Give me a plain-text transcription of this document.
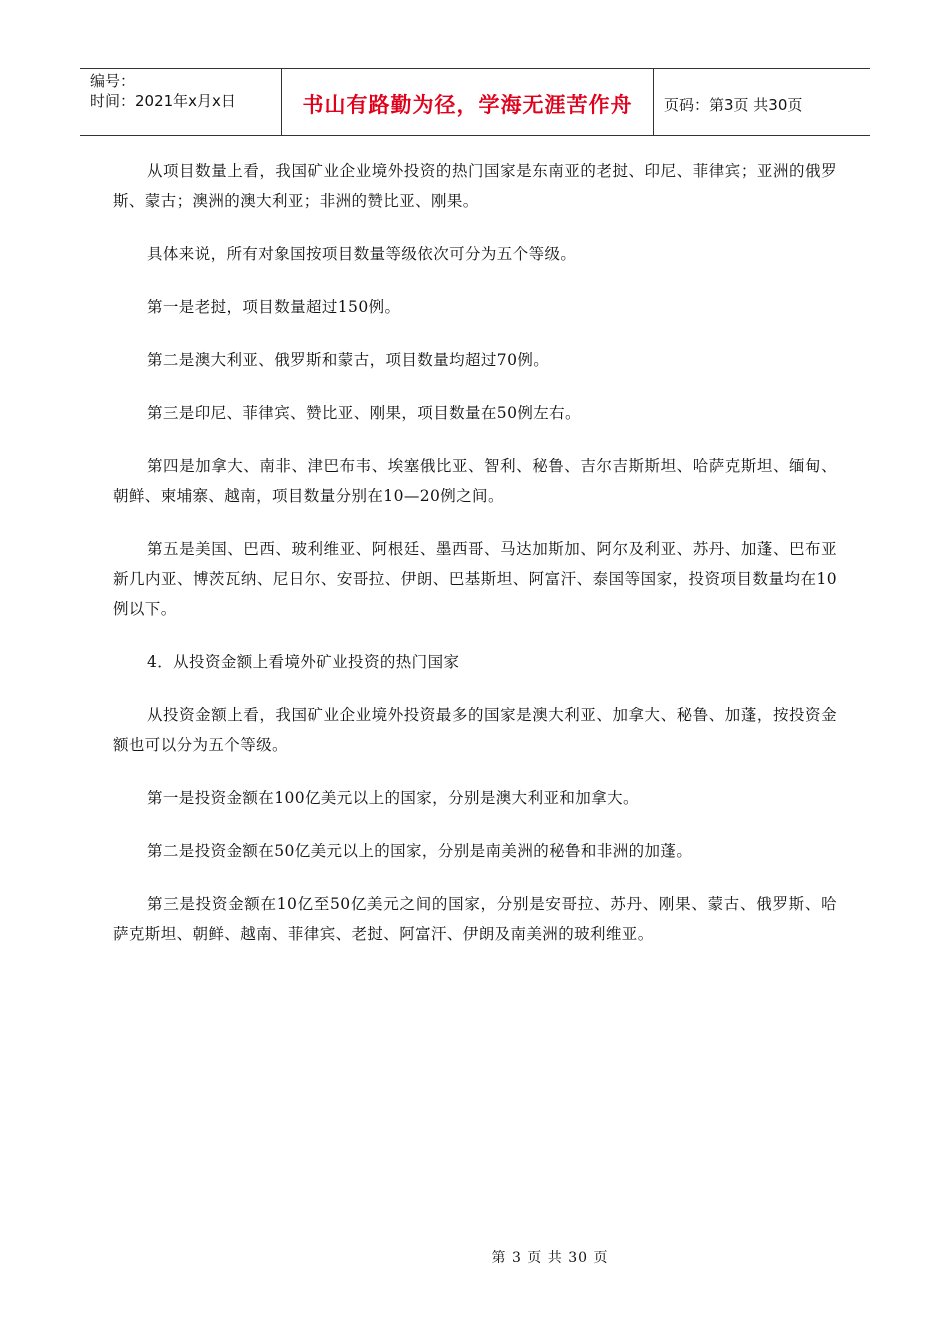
编号：
时间：2021年x月x日	书山有路勤为径，学海无涯苦作舟	页码：第3页 共30页

从项目数量上看，我国矿业企业境外投资的热门国家是东南亚的老挝、印尼、菲律宾；亚洲的俄罗斯、蒙古；澳洲的澳大利亚；非洲的赞比亚、刚果。

具体来说，所有对象国按项目数量等级依次可分为五个等级。

第一是老挝，项目数量超过150例。

第二是澳大利亚、俄罗斯和蒙古，项目数量均超过70例。

第三是印尼、菲律宾、赞比亚、刚果，项目数量在50例左右。

第四是加拿大、南非、津巴布韦、埃塞俄比亚、智利、秘鲁、吉尔吉斯斯坦、哈萨克斯坦、缅甸、朝鲜、柬埔寨、越南，项目数量分别在10—20例之间。

第五是美国、巴西、玻利维亚、阿根廷、墨西哥、马达加斯加、阿尔及利亚、苏丹、加蓬、巴布亚新几内亚、博茨瓦纳、尼日尔、安哥拉、伊朗、巴基斯坦、阿富汗、泰国等国家，投资项目数量均在10例以下。

4．从投资金额上看境外矿业投资的热门国家

从投资金额上看，我国矿业企业境外投资最多的国家是澳大利亚、加拿大、秘鲁、加蓬，按投资金额也可以分为五个等级。

第一是投资金额在100亿美元以上的国家，分别是澳大利亚和加拿大。

第二是投资金额在50亿美元以上的国家，分别是南美洲的秘鲁和非洲的加蓬。

第三是投资金额在10亿至50亿美元之间的国家，分别是安哥拉、苏丹、刚果、蒙古、俄罗斯、哈萨克斯坦、朝鲜、越南、菲律宾、老挝、阿富汗、伊朗及南美洲的玻利维亚。

第 3 页 共 30 页
